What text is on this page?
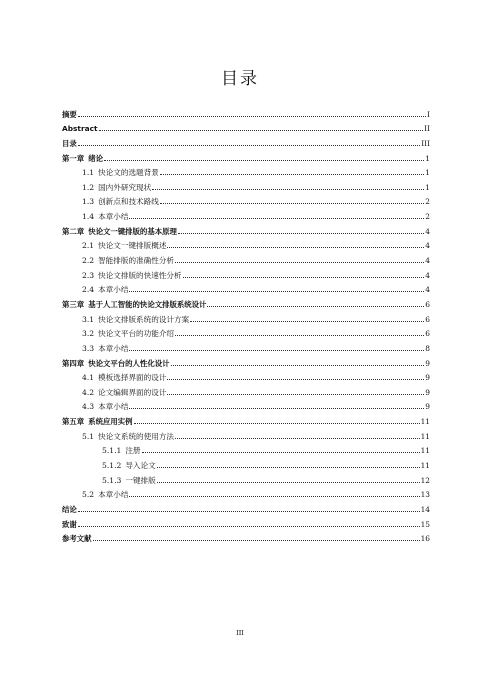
目录
摘要	I
Abstract	II
目录	III
第一章 绪论	1
1.1 快论文的选题背景	1
1.2 国内外研究现状	1
1.3 创新点和技术路线	2
1.4 本章小结	2
第二章 快论文一键排版的基本原理	4
2.1 快论文一键排版概述	4
2.2 智能排版的准确性分析	4
2.3 快论文排版的快速性分析	4
2.4 本章小结	4
第三章 基于人工智能的快论文排版系统设计	6
3.1 快论文排版系统的设计方案	6
3.2 快论文平台的功能介绍	6
3.3 本章小结	8
第四章 快论文平台的人性化设计	9
4.1 模板选择界面的设计	9
4.2 论文编辑界面的设计	9
4.3 本章小结	9
第五章 系统应用实例	11
5.1 快论文系统的使用方法	11
5.1.1 注册	11
5.1.2 导入论文	11
5.1.3 一键排版	12
5.2 本章小结	13
结论	14
致谢	15
参考文献	16
III
